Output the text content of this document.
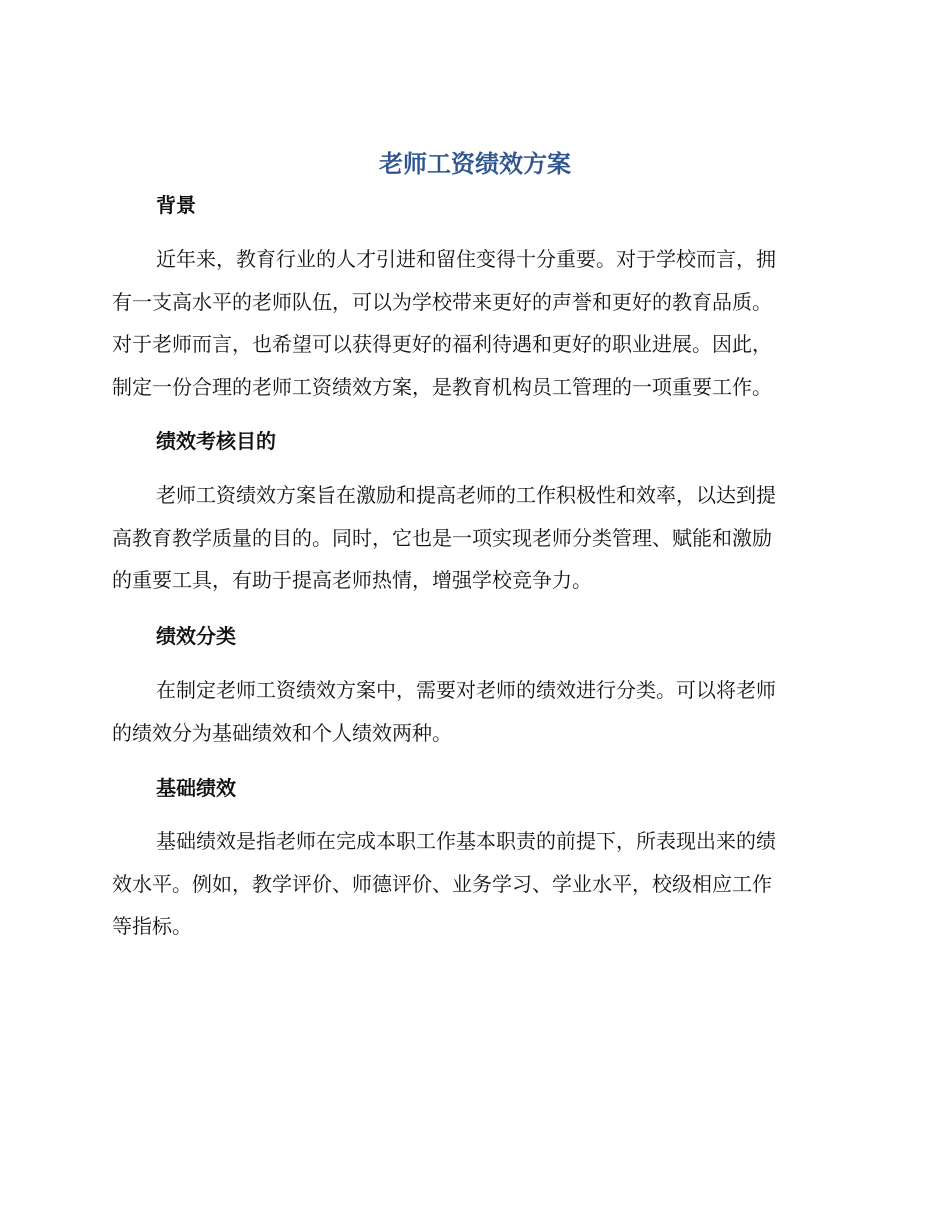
老师工资绩效方案
背景

近年来，教育行业的人才引进和留住变得十分重要。对于学校而言，拥

有一支高水平的老师队伍，可以为学校带来更好的声誉和更好的教育品质。
对于老师而言，也希望可以获得更好的福利待遇和更好的职业进展。因此，
制定一份合理的老师工资绩效方案，是教育机构员工管理的一项重要工作。

绩效考核目的

老师工资绩效方案旨在激励和提高老师的工作积极性和效率，以达到提

高教育教学质量的目的。同时，它也是一项实现老师分类管理、赋能和激励
的重要工具，有助于提高老师热情，增强学校竞争力。

绩效分类

在制定老师工资绩效方案中，需要对老师的绩效进行分类。可以将老师

的绩效分为基础绩效和个人绩效两种。

基础绩效

基础绩效是指老师在完成本职工作基本职责的前提下，所表现出来的绩

效水平。例如，教学评价、师德评价、业务学习、学业水平，校级相应工作
等指标。
